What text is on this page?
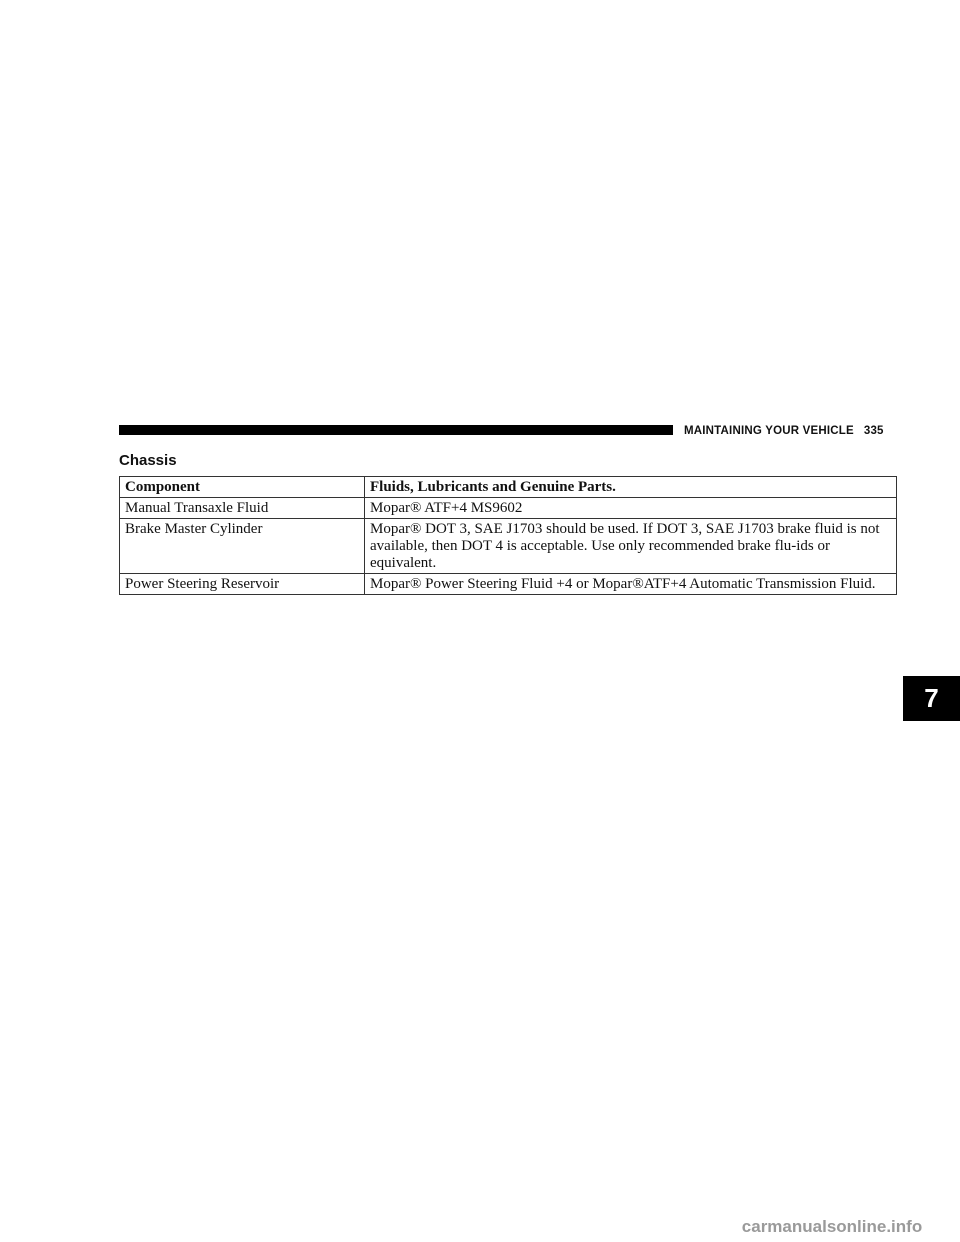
MAINTAINING YOUR VEHICLE 335
Chassis
Component	Fluids, Lubricants and Genuine Parts.
Manual Transaxle Fluid	Mopar® ATF+4 MS9602
Brake Master Cylinder	Mopar® DOT 3, SAE J1703 should be used. If DOT 3, SAE J1703 brake fluid is not available, then DOT 4 is acceptable. Use only recommended brake flu-ids or equivalent.
Power Steering Reservoir	Mopar® Power Steering Fluid +4 or Mopar®ATF+4 Automatic Transmission Fluid.
7
carmanualsonline.info
